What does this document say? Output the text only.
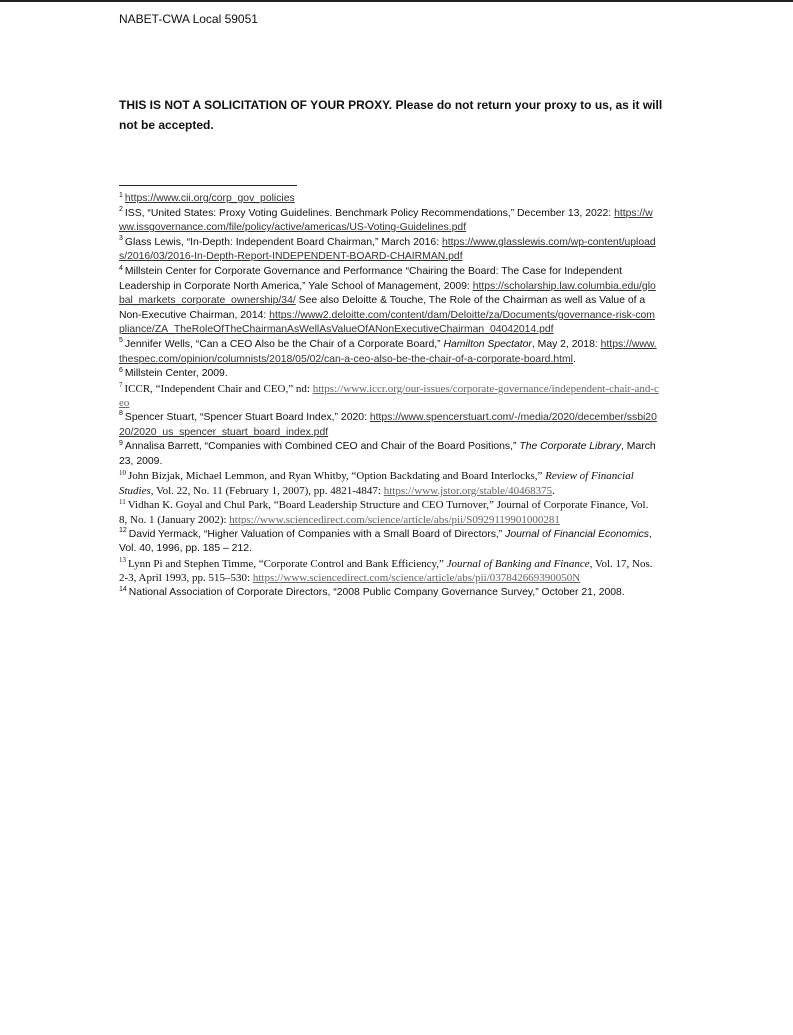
NABET-CWA Local 59051
THIS IS NOT A SOLICITATION OF YOUR PROXY. Please do not return your proxy to us, as it will not be accepted.

$^1$ https://www.cii.org/corp_gov_policies

$^2$ ISS, “United States: Proxy Voting Guidelines. Benchmark Policy Recommendations,” December 13, 2022: https://www.issgovernance.com/file/policy/active/americas/US-Voting-Guidelines.pdf

$^3$ Glass Lewis, “In-Depth: Independent Board Chairman,” March 2016: https://www.glasslewis.com/wp-content/uploads/2016/03/2016-In-Depth-Report-INDEPENDENT-BOARD-CHAIRMAN.pdf

$^4$ Millstein Center for Corporate Governance and Performance “Chairing the Board: The Case for Independent Leadership in Corporate North America,” Yale School of Management, 2009: https://scholarship.law.columbia.edu/global_markets_corporate_ownership/34/ See also Deloitte & Touche, The Role of the Chairman as well as Value of a Non-Executive Chairman, 2014: https://www2.deloitte.com/content/dam/Deloitte/za/Documents/governance-risk-compliance/ZA_TheRoleOfTheChairmanAsWellAsValueOfANonExecutiveChairman_04042014.pdf

$^5$ Jennifer Wells, “Can a CEO Also be the Chair of a Corporate Board,” Hamilton Spectator, May 2, 2018: https://www.thespec.com/opinion/columnists/2018/05/02/can-a-ceo-also-be-the-chair-of-a-corporate-board.html.

$^6$ Millstein Center, 2009.

$^7$ ICCR, “Independent Chair and CEO,” nd: https://www.iccr.org/our-issues/corporate-governance/independent-chair-and-ceo

$^8$ Spencer Stuart, “Spencer Stuart Board Index,” 2020: https://www.spencerstuart.com/-/media/2020/december/ssbi2020/2020_us_spencer_stuart_board_index.pdf

$^9$ Annalisa Barrett, “Companies with Combined CEO and Chair of the Board Positions,” The Corporate Library, March 23, 2009.

$^{10}$ John Bizjak, Michael Lemmon, and Ryan Whitby, “Option Backdating and Board Interlocks,” Review of Financial Studies, Vol. 22, No. 11 (February 1, 2007), pp. 4821-4847: https://www.jstor.org/stable/40468375.

$^{11}$ Vidhan K. Goyal and Chul Park, “Board Leadership Structure and CEO Turnover,” Journal of Corporate Finance, Vol. 8, No. 1 (January 2002): https://www.sciencedirect.com/science/article/abs/pii/S0929119901000281

$^{12}$ David Yermack, “Higher Valuation of Companies with a Small Board of Directors,” Journal of Financial Economics, Vol. 40, 1996, pp. 185 – 212.

$^{13}$ Lynn Pi and Stephen Timme, “Corporate Control and Bank Efficiency,” Journal of Banking and Finance, Vol. 17, Nos. 2-3, April 1993, pp. 515–530: https://www.sciencedirect.com/science/article/abs/pii/037842669390050N

$^{14}$ National Association of Corporate Directors, “2008 Public Company Governance Survey,” October 21, 2008.
